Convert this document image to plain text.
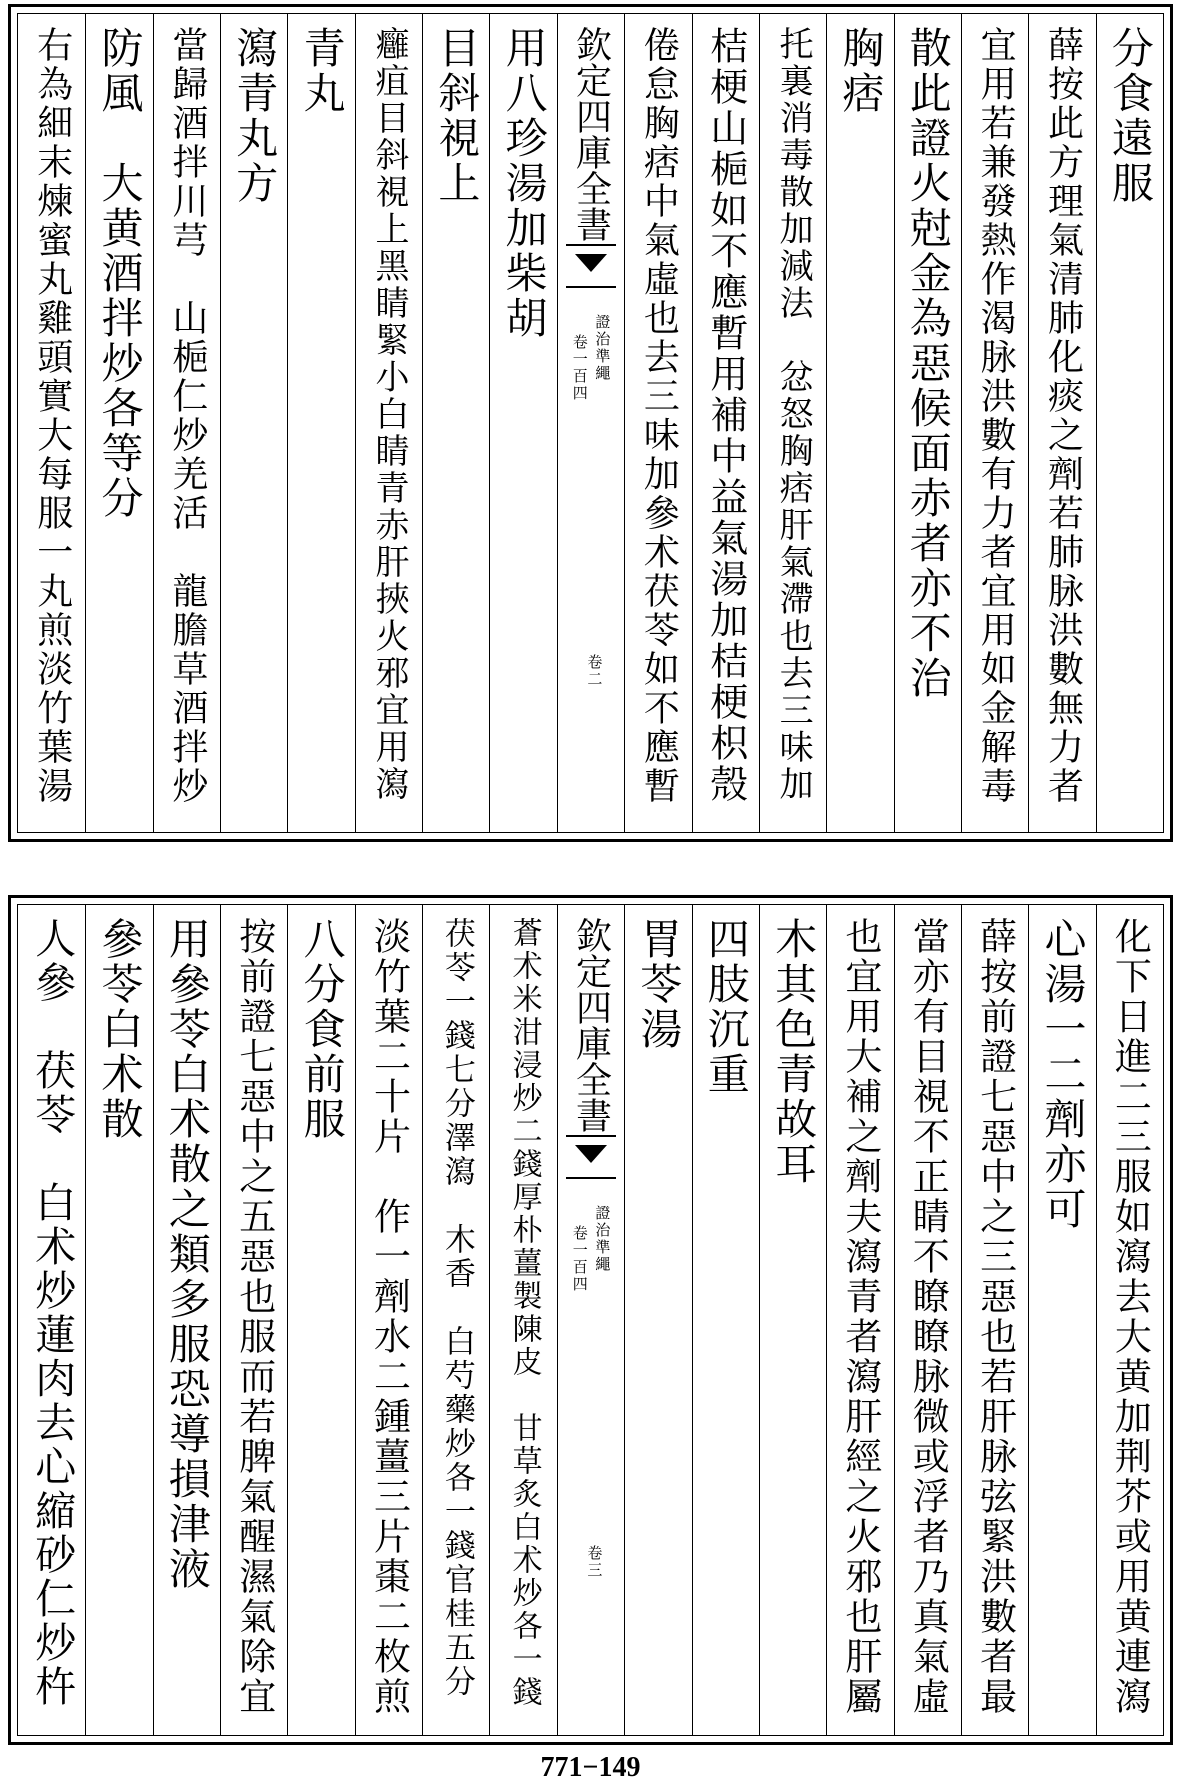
分食遠服
薛按此方理氣清肺化痰之劑若肺脉洪數無力者
宜用若兼發熱作渴脉洪數有力者宜用如金解毒
散此證火尅金為惡候面赤者亦不治
胸痞
托裏消毒散加減法　忿怒胸痞肝氣滯也去三味加
桔梗山梔如不應暫用補中益氣湯加桔梗枳殼
倦怠胸痞中氣虛也去三味加參术茯苓如不應暫
欽定四庫全書
證治準繩
卷一百四
卷二
用八珍湯加柴胡
目斜視上
癰疽目斜視上黑睛緊小白睛青赤肝挾火邪宜用瀉
青丸
瀉青丸方
當歸酒拌川芎　山梔仁炒羌活　龍膽草酒拌炒
防風　大黄酒拌炒各等分
右為細末煉蜜丸雞頭實大每服一丸煎淡竹葉湯
化下日進二三服如瀉去大黄加荆芥或用黄連瀉
心湯一二劑亦可
薛按前證七惡中之三惡也若肝脉弦緊洪數者最
當亦有目視不正睛不瞭瞭脉微或浮者乃真氣虛
也宜用大補之劑夫瀉青者瀉肝經之火邪也肝屬
木其色青故耳
四肢沉重
胃苓湯
欽定四庫全書
證治準繩
卷一百四
卷三
蒼术米泔浸炒二錢厚朴薑製陳皮　甘草炙白术炒各一錢
茯苓一錢七分澤瀉　木香　白芍藥炒各一錢官桂五分
淡竹葉二十片　作一劑水二鍾薑三片棗二枚煎
八分食前服
按前證七惡中之五惡也服而若脾氣醒濕氣除宜
用參苓白术散之類多服恐導損津液
參苓白术散
人參　茯苓　白术炒蓮肉去心縮砂仁炒杵
771−149
